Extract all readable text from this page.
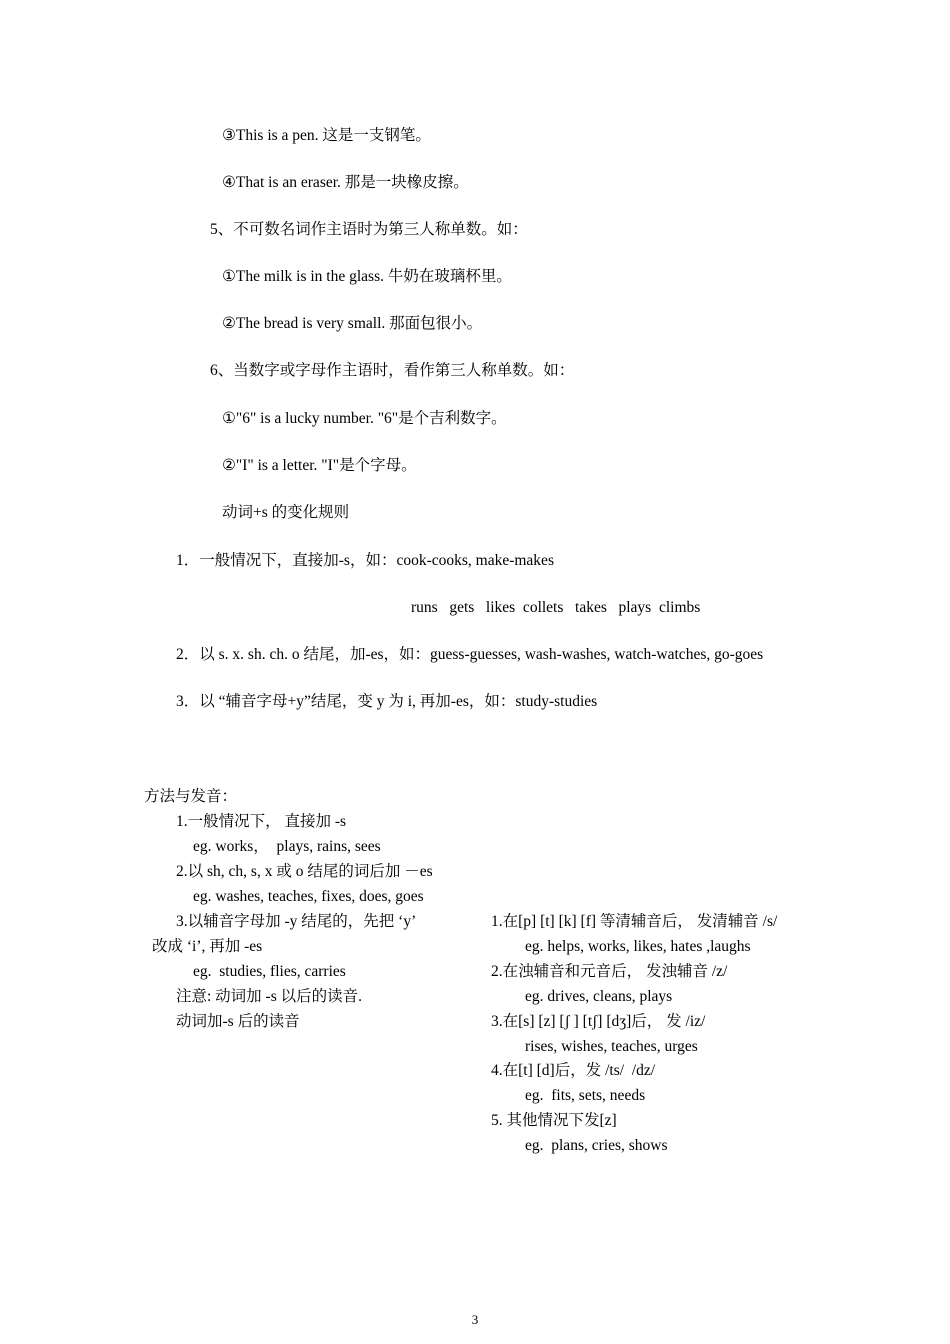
③This is a pen. 这是一支钢笔。
④That is an eraser. 那是一块橡皮擦。
5、不可数名词作主语时为第三人称单数。如：
①The milk is in the glass. 牛奶在玻璃杯里。
②The bread is very small. 那面包很小。
6、当数字或字母作主语时，看作第三人称单数。如：
①"6" is a lucky number. "6"是个吉利数字。
②"I" is a letter. "I"是个字母。
动词+s 的变化规则
1．一般情况下，直接加-s，如：cook-cooks, make-makes
runs   gets   likes  collets   takes   plays  climbs
2．以 s. x. sh. ch. o 结尾，加-es，如：guess-guesses, wash-washes, watch-watches, go-goes
3．以 “辅音字母+y”结尾，变 y 为 i, 再加-es，如：study-studies
方法与发音：
1.一般情况下， 直接加 -s
eg. works，  plays, rains, sees
2.以 sh, ch, s, x 或 o 结尾的词后加 －es
eg. washes, teaches, fixes, does, goes
3.以辅音字母加 -y 结尾的，先把 ‘y’
改成 ‘i’, 再加 -es
eg.  studies, flies, carries
注意: 动词加 -s 以后的读音.
动词加-s 后的读音
1.在[p] [t] [k] [f] 等清辅音后， 发清辅音 /s/
eg. helps, works, likes, hates ,laughs
2.在浊辅音和元音后， 发浊辅音 /z/
eg. drives, cleans, plays
3.在[s] [z] [ʃ ] [tʃ] [dʒ]后， 发 /iz/
rises, wishes, teaches, urges
4.在[t] [d]后，发 /ts/  /dz/
eg.  fits, sets, needs
5. 其他情况下发[z]
eg.  plans, cries, shows
3
